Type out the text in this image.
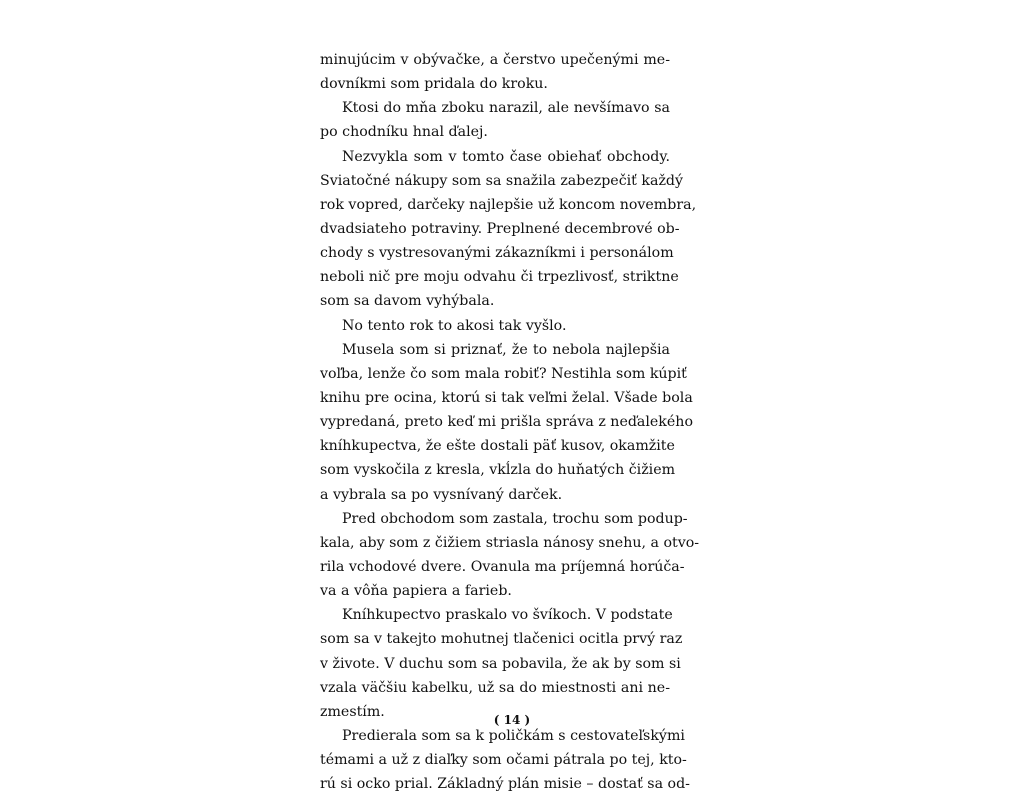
minujúcim v obývačke, a čerstvo upečenými me-
dovníkmi som pridala do kroku.
Ktosi do mňa zboku narazil, ale nevšímavo sa
po chodníku hnal ďalej.
Nezvykla som v tomto čase obiehať obchody.
Sviatočné nákupy som sa snažila zabezpečiť každý
rok vopred, darčeky najlepšie už koncom novembra,
dvadsiateho potraviny. Preplnené decembrové ob-
chody s vystresovanými zákazníkmi i personálom
neboli nič pre moju odvahu či trpezlivosť, striktne
som sa davom vyhýbala.
No tento rok to akosi tak vyšlo.
Musela som si priznať, že to nebola najlepšia
voľba, lenže čo som mala robiť? Nestihla som kúpiť
knihu pre ocina, ktorú si tak veľmi želal. Všade bola
vypredaná, preto keď mi prišla správa z neďalekého
kníhkupectva, že ešte dostali päť kusov, okamžite
som vyskočila z kresla, vkĺzla do huňatých čižiem
a vybrala sa po vysnívaný darček.
Pred obchodom som zastala, trochu som podup-
kala, aby som z čižiem striasla nánosy snehu, a otvo-
rila vchodové dvere. Ovanula ma príjemná horúča-
va a vôňa papiera a farieb.
Kníhkupectvo praskalo vo švíkoch. V podstate
som sa v takejto mohutnej tlačenici ocitla prvý raz
v živote. V duchu som sa pobavila, že ak by som si
vzala väčšiu kabelku, už sa do miestnosti ani ne-
zmestím.
Predierala som sa k poličkám s cestovateľskými
témami a už z diaľky som očami pátrala po tej, kto-
rú si ocko prial. Základný plán misie – dostať sa od-
( 14 )
